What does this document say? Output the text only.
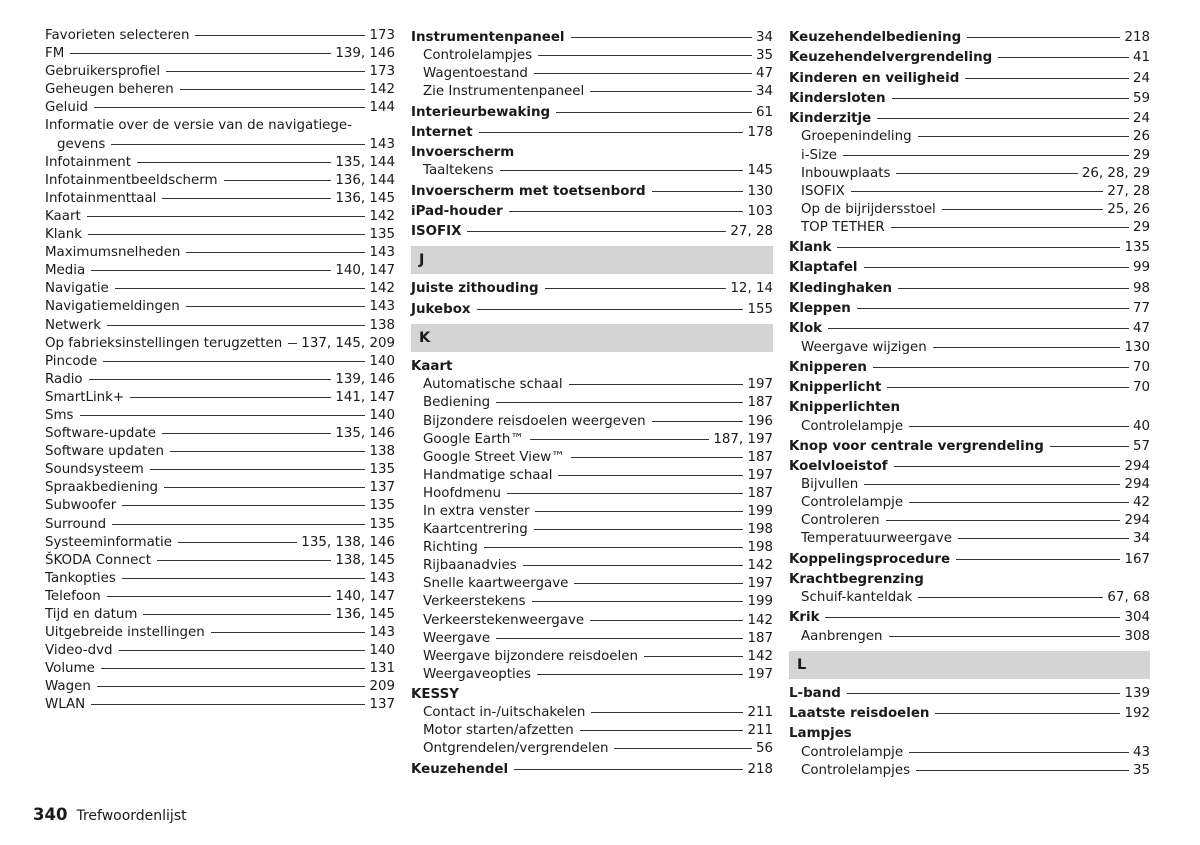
Favorieten selecteren	173
FM	139, 146
Gebruikersprofiel	173
Geheugen beheren	142
Geluid	144
Informatie over de versie van de navigatiege-
gevens	143
Infotainment	135, 144
Infotainmentbeeldscherm	136, 144
Infotainmenttaal	136, 145
Kaart	142
Klank	135
Maximumsnelheden	143
Media	140, 147
Navigatie	142
Navigatiemeldingen	143
Netwerk	138
Op fabrieksinstellingen terugzetten 137, 145, 209
Pincode	140
Radio	139, 146
SmartLink+	141, 147
Sms	140
Software-update	135, 146
Software updaten	138
Soundsysteem	135
Spraakbediening	137
Subwoofer	135
Surround	135
Systeeminformatie	135, 138, 146
ŠKODA Connect	138, 145
Tankopties	143
Telefoon	140, 147
Tijd en datum	136, 145
Uitgebreide instellingen	143
Video-dvd	140
Volume	131
Wagen	209
WLAN	137
Instrumentenpaneel	34
Controlelampjes	35
Wagentoestand	47
Zie Instrumentenpaneel	34
Interieurbewaking	61
Internet	178
Invoerscherm
Taaltekens	145
Invoerscherm met toetsenbord	130
iPad-houder	103
ISOFIX	27, 28
J
Juiste zithouding	12, 14
Jukebox	155
K
Kaart
Automatische schaal	197
Bediening	187
Bijzondere reisdoelen weergeven	196
Google Earth™	187, 197
Google Street View™	187
Handmatige schaal	197
Hoofdmenu	187
In extra venster	199
Kaartcentrering	198
Richting	198
Rijbaanadvies	142
Snelle kaartweergave	197
Verkeerstekens	199
Verkeerstekenweergave	142
Weergave	187
Weergave bijzondere reisdoelen	142
Weergaveopties	197
KESSY
Contact in-/uitschakelen	211
Motor starten/afzetten	211
Ontgrendelen/vergrendelen	56
Keuzehendel	218
Keuzehendelbediening	218
Keuzehendelvergrendeling	41
Kinderen en veiligheid	24
Kindersloten	59
Kinderzitje	24
Groepenindeling	26
i-Size	29
Inbouwplaats	26, 28, 29
ISOFIX	27, 28
Op de bijrijdersstoel	25, 26
TOP TETHER	29
Klank	135
Klaptafel	99
Kledinghaken	98
Kleppen	77
Klok	47
Weergave wijzigen	130
Knipperen	70
Knipperlicht	70
Knipperlichten
Controlelampje	40
Knop voor centrale vergrendeling	57
Koelvloeistof	294
Bijvullen	294
Controlelampje	42
Controleren	294
Temperatuurweergave	34
Koppelingsprocedure	167
Krachtbegrenzing
Schuif-kanteldak	67, 68
Krik	304
Aanbrengen	308
L
L-band	139
Laatste reisdoelen	192
Lampjes
Controlelampje	43
Controlelampjes	35
340 Trefwoordenlijst
